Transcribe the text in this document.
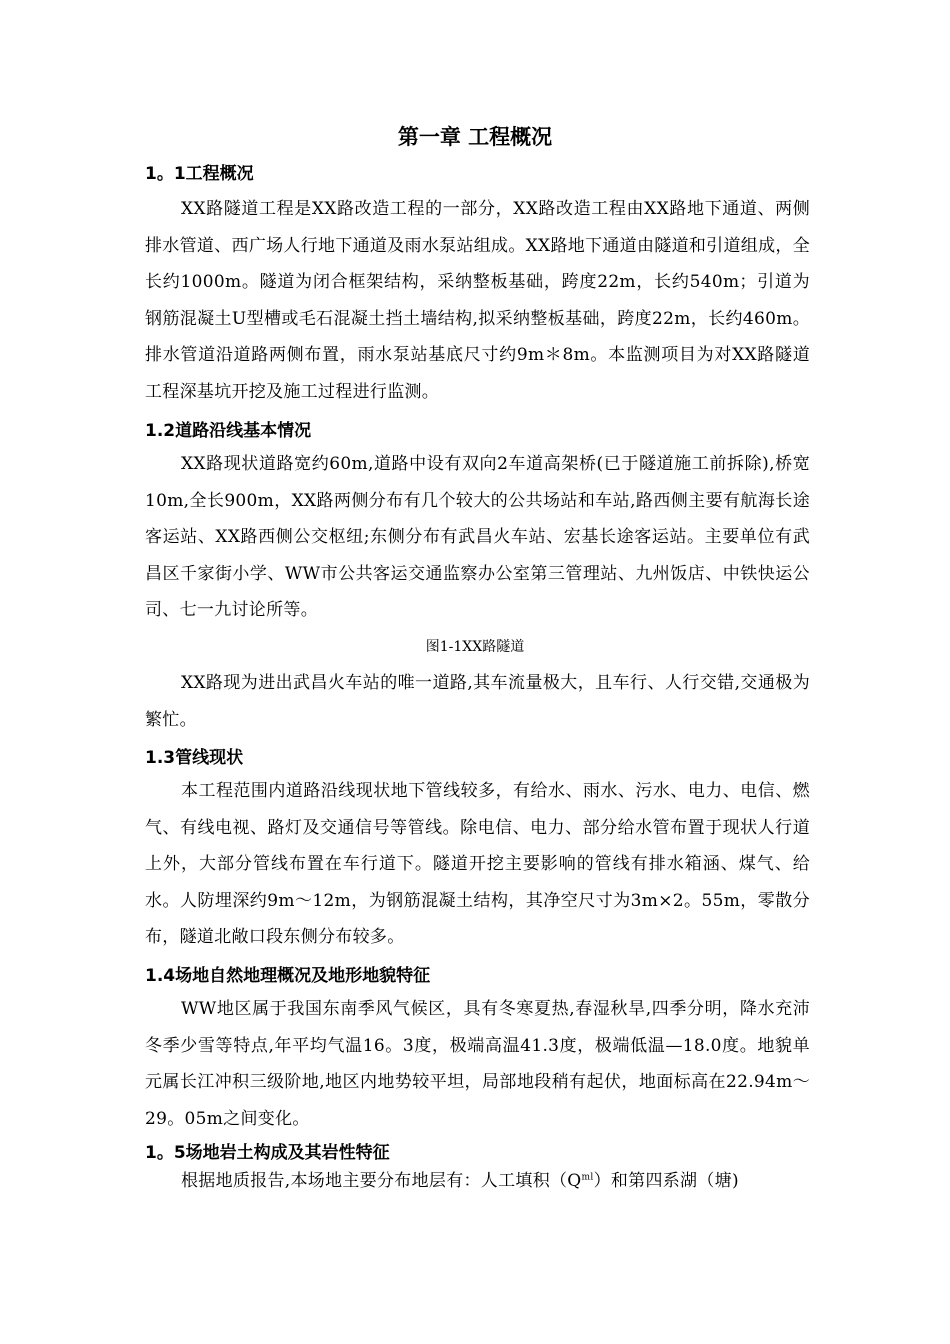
第一章 工程概况
1。1工程概况
XX路隧道工程是XX路改造工程的一部分，XX路改造工程由XX路地下通道、两侧排水管道、西广场人行地下通道及雨水泵站组成。XX路地下通道由隧道和引道组成，全长约1000m。隧道为闭合框架结构，采纳整板基础，跨度22m，长约540m；引道为钢筋混凝土U型槽或毛石混凝土挡土墙结构,拟采纳整板基础，跨度22m，长约460m。排水管道沿道路两侧布置，雨水泵站基底尺寸约9m＊8m。本监测项目为对XX路隧道工程深基坑开挖及施工过程进行监测。
1.2道路沿线基本情况
XX路现状道路宽约60m,道路中设有双向2车道高架桥(已于隧道施工前拆除),桥宽10m,全长900m，XX路两侧分布有几个较大的公共场站和车站,路西侧主要有航海长途客运站、XX路西侧公交枢纽;东侧分布有武昌火车站、宏基长途客运站。主要单位有武昌区千家街小学、WW市公共客运交通监察办公室第三管理站、九州饭店、中铁快运公司、七一九讨论所等。
图1-1XX路隧道
XX路现为进出武昌火车站的唯一道路,其车流量极大，且车行、人行交错,交通极为繁忙。
1.3管线现状
本工程范围内道路沿线现状地下管线较多，有给水、雨水、污水、电力、电信、燃气、有线电视、路灯及交通信号等管线。除电信、电力、部分给水管布置于现状人行道上外，大部分管线布置在车行道下。隧道开挖主要影响的管线有排水箱涵、煤气、给水。人防埋深约9m～12m，为钢筋混凝土结构，其净空尺寸为3m×2。55m，零散分布，隧道北敞口段东侧分布较多。
1.4场地自然地理概况及地形地貌特征
WW地区属于我国东南季风气候区，具有冬寒夏热,春湿秋旱,四季分明，降水充沛冬季少雪等特点,年平均气温16。3度，极端高温41.3度，极端低温—18.0度。地貌单元属长江冲积三级阶地,地区内地势较平坦，局部地段稍有起伏，地面标高在22.94m～29。05m之间变化。
1。5场地岩土构成及其岩性特征
根据地质报告,本场地主要分布地层有：人工填积$(Q^{ml})$和第四系湖（塘)
